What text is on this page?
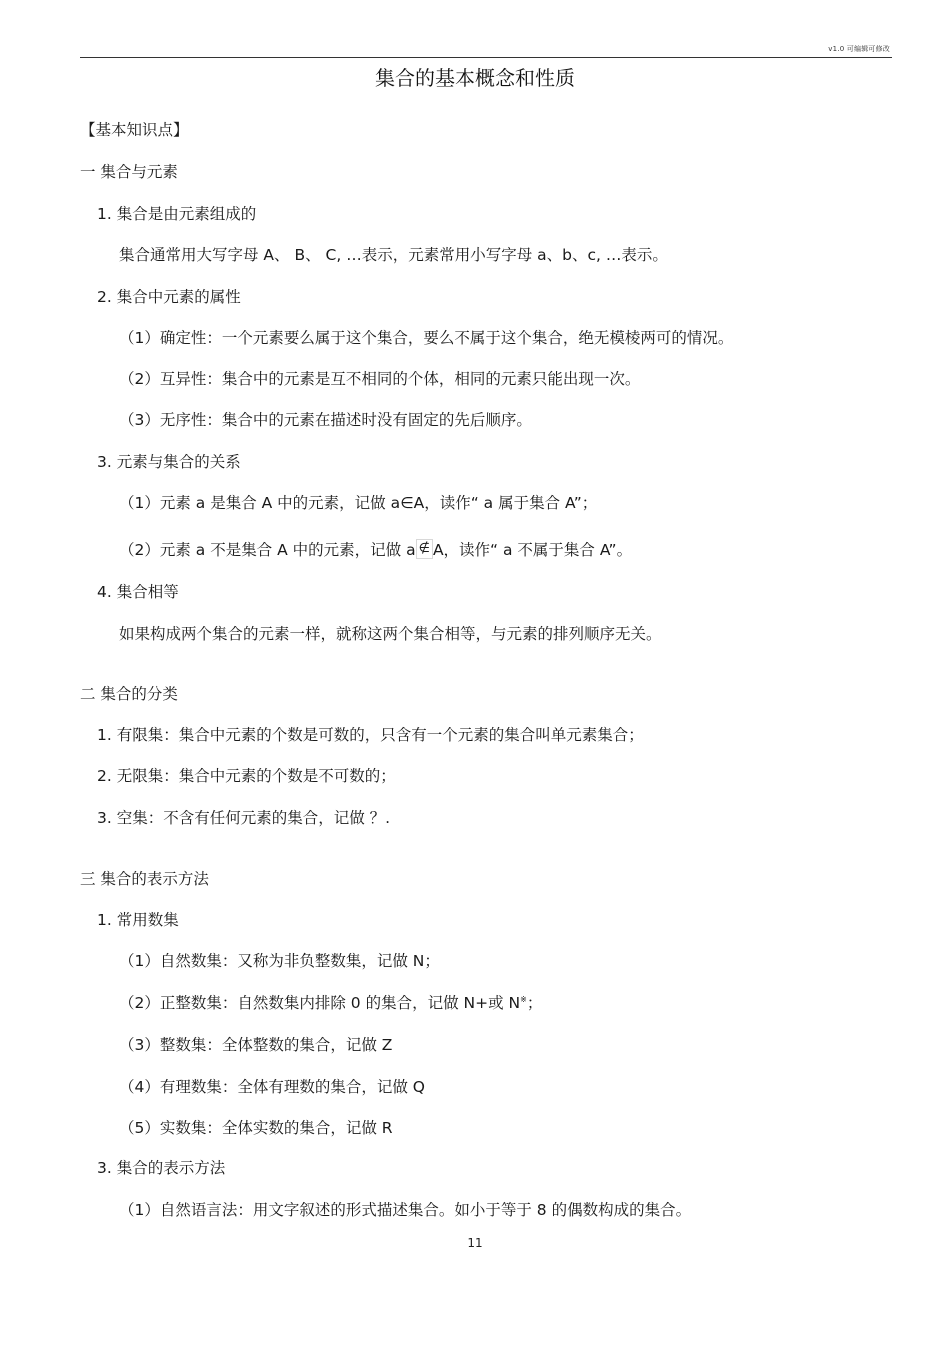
v1.0 可编辑可修改
集合的基本概念和性质
【基本知识点】
一 集合与元素
1. 集合是由元素组成的
集合通常用大写字母 A、 B、 C, …表示，元素常用小写字母 a、b、c, …表示。
2. 集合中元素的属性
（1）确定性：一个元素要么属于这个集合，要么不属于这个集合，绝无模棱两可的情况。
（2）互异性：集合中的元素是互不相同的个体，相同的元素只能出现一次。
（3）无序性：集合中的元素在描述时没有固定的先后顺序。
3. 元素与集合的关系
（1）元素 a 是集合 A 中的元素，记做 a∈A，读作“ a 属于集合 A”；
（2）元素 a 不是集合 A 中的元素，记做 a ∉ A，读作“ a 不属于集合 A”。
4. 集合相等
如果构成两个集合的元素一样，就称这两个集合相等，与元素的排列顺序无关。
二 集合的分类
1. 有限集：集合中元素的个数是可数的，只含有一个元素的集合叫单元素集合；
2. 无限集：集合中元素的个数是不可数的；
3. 空集：不含有任何元素的集合，记做 ？.
三 集合的表示方法
1. 常用数集
（1）自然数集：又称为非负整数集，记做 N；
（2）正整数集：自然数集内排除 0 的集合，记做 N+或 N※；
（3）整数集：全体整数的集合，记做 Z
（4）有理数集：全体有理数的集合，记做 Q
（5）实数集：全体实数的集合，记做 R
3. 集合的表示方法
（1）自然语言法：用文字叙述的形式描述集合。如小于等于 8 的偶数构成的集合。
11
